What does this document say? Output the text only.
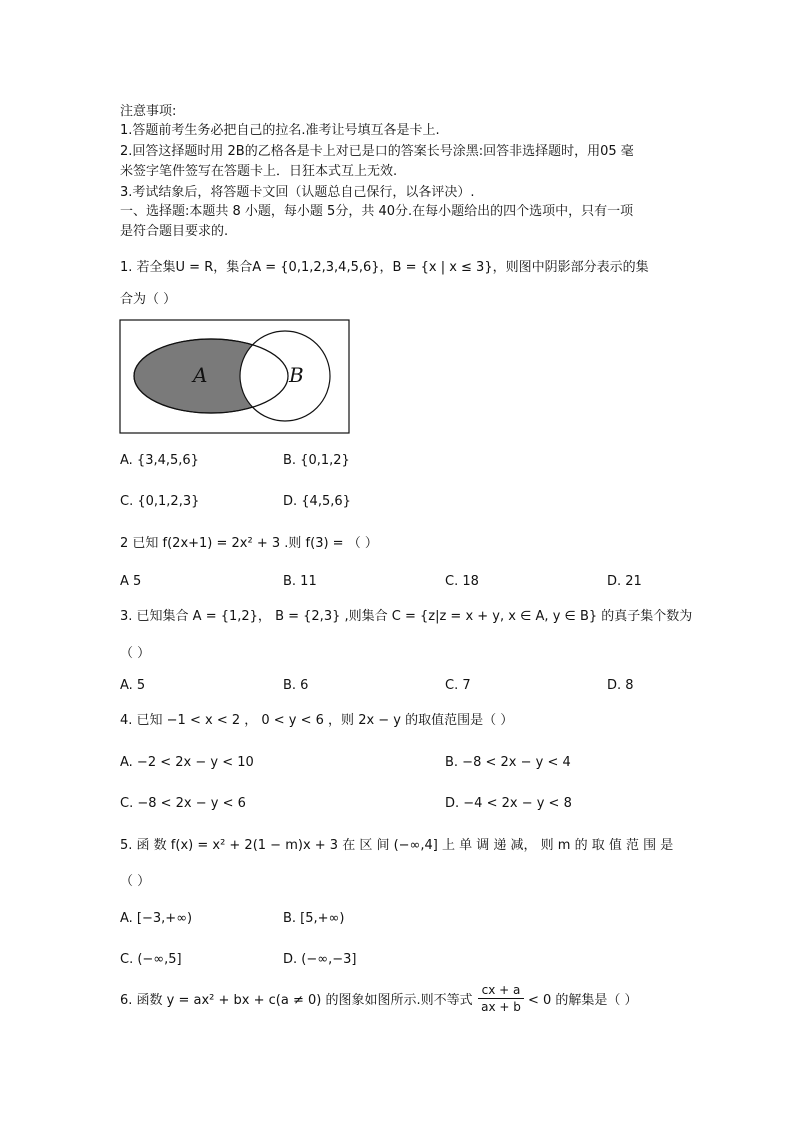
注意事项:
1.答题前考生务必把自己的拉名.准考让号填互各是卡上.
2.回答这择题时用 2B的乙格各是卡上对已是口的答案长号涂黑:回答非选择题时，用05 毫
米签字笔件签写在答题卡上．日狂本式互上无效.
3.考试结象后，将答题卡文回（认题总自己保行，以各评决）.
一、选择题:本题共 8 小题，每小题 5分，共 40分.在每小题给出的四个选项中，只有一项
是符合题目要求的.
1. 若全集U = R，集合A = {0,1,2,3,4,5,6}，B = {x | x ≤ 3}，则图中阴影部分表示的集
合为（ ）
A	B
A. {3,4,5,6}	B. {0,1,2}
C. {0,1,2,3}	D. {4,5,6}
2 已知 f(2x+1) = 2x² + 3 .则 f(3) = （ ）
A 5	B. 11	C. 18	D. 21
3. 已知集合 A = {1,2}， B = {2,3} ,则集合 C = {z|z = x + y, x ∈ A, y ∈ B} 的真子集个数为
（ ）
A. 5	B. 6	C. 7	D. 8
4. 已知 −1 < x < 2 ， 0 < y < 6 ，则 2x − y 的取值范围是（ ）
A. −2 < 2x − y < 10	B. −8 < 2x − y < 4
C. −8 < 2x − y < 6	D. −4 < 2x − y < 8
5. 函 数 f(x) = x² + 2(1 − m)x + 3 在 区 间 (−∞,4] 上 单 调 递 减， 则 m 的 取 值 范 围 是
（ ）
A. [−3,+∞)	B. [5,+∞)
C. (−∞,5]	D. (−∞,−3]
6. 函数 y = ax² + bx + c(a ≠ 0) 的图象如图所示.则不等式 $\frac{cx + a}{ax + b} < 0$ 的解集是（ ）
